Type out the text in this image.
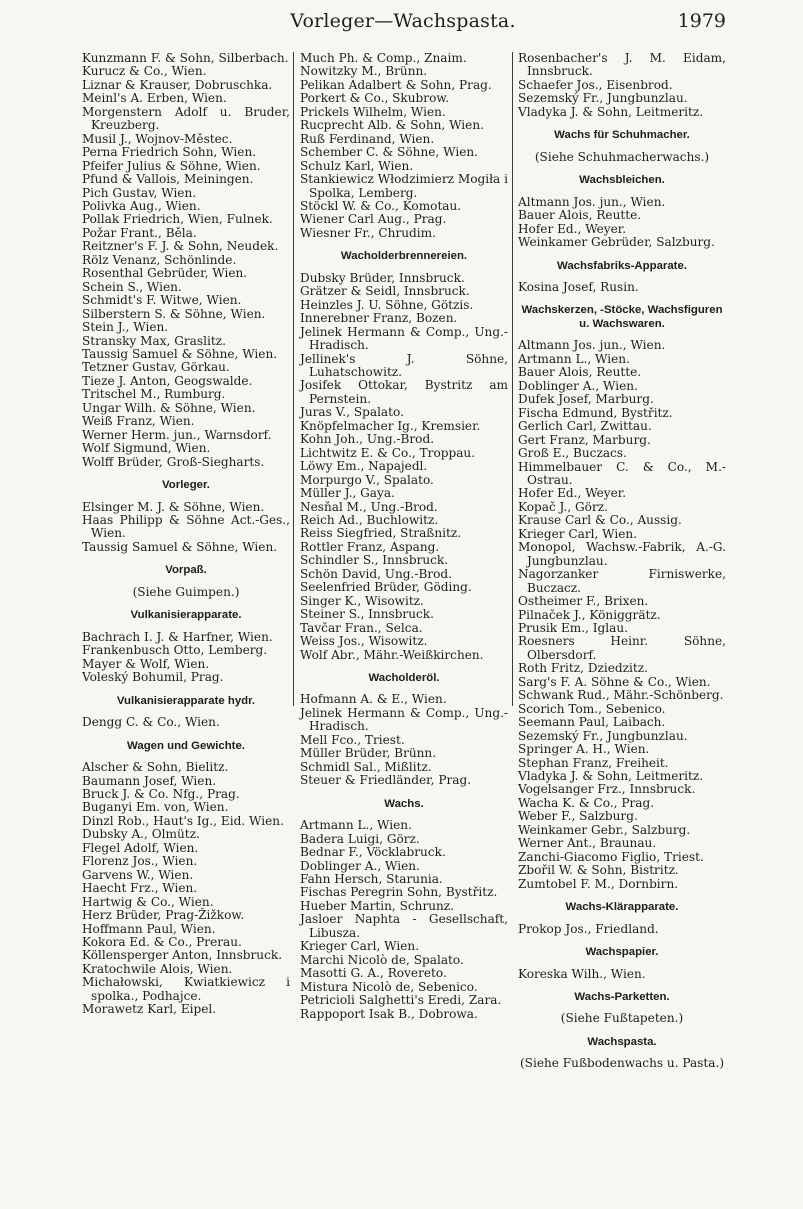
Vorleger—Wachspasta.	1979
Kunzmann F. & Sohn, Silberbach.
Kurucz & Co., Wien.
Liznar & Krauser, Dobruschka.
Meinl's A. Erben, Wien.
Morgenstern Adolf u. Bruder, Kreuzberg.
Musil J., Wojnov-Městec.
Perna Friedrich Sohn, Wien.
Pfeifer Julius & Söhne, Wien.
Pfund & Vallois, Meiningen.
Pich Gustav, Wien.
Polivka Aug., Wien.
Pollak Friedrich, Wien, Fulnek.
Požar Frant., Běla.
Reitzner's F. J. & Sohn, Neudek.
Rölz Venanz, Schönlinde.
Rosenthal Gebrüder, Wien.
Schein S., Wien.
Schmidt's F. Witwe, Wien.
Silberstern S. & Söhne, Wien.
Stein J., Wien.
Stransky Max, Graslitz.
Taussig Samuel & Söhne, Wien.
Tetzner Gustav, Görkau.
Tieze J. Anton, Geogswalde.
Tritschel M., Rumburg.
Ungar Wilh. & Söhne, Wien.
Weiß Franz, Wien.
Werner Herm. jun., Warnsdorf.
Wolf Sigmund, Wien.
Wolff Brüder, Groß-Siegharts.
Vorleger.
Elsinger M. J. & Söhne, Wien.
Haas Philipp & Söhne Act.-Ges., Wien.
Taussig Samuel & Söhne, Wien.
Vorpaß.
(Siehe Guimpen.)
Vulkanisierapparate.
Bachrach I. J. & Harfner, Wien.
Frankenbusch Otto, Lemberg.
Mayer & Wolf, Wien.
Voleský Bohumil, Prag.
Vulkanisierapparate hydr.
Dengg C. & Co., Wien.
Wagen und Gewichte.
Alscher & Sohn, Bielitz.
Baumann Josef, Wien.
Bruck J. & Co. Nfg., Prag.
Buganyi Em. von, Wien.
Dinzl Rob., Haut's Ig., Eid. Wien.
Dubsky A., Olmütz.
Flegel Adolf, Wien.
Florenz Jos., Wien.
Garvens W., Wien.
Haecht Frz., Wien.
Hartwig & Co., Wien.
Herz Brüder, Prag-Žižkow.
Hoffmann Paul, Wien.
Kokora Ed. & Co., Prerau.
Köllensperger Anton, Innsbruck.
Kratochwile Alois, Wien.
Michałowski, Kwiatkiewicz i spolka., Podhajce.
Morawetz Karl, Eipel.
Much Ph. & Comp., Znaim.
Nowitzky M., Brünn.
Pelikan Adalbert & Sohn, Prag.
Porkert & Co., Skubrow.
Prickels Wilhelm, Wien.
Rucprecht Alb. & Sohn, Wien.
Ruß Ferdinand, Wien.
Schember C. & Söhne, Wien.
Schulz Karl, Wien.
Stankiewicz Włodzimierz Mogiła i Spolka, Lemberg.
Stöckl W. & Co., Komotau.
Wiener Carl Aug., Prag.
Wiesner Fr., Chrudim.
Wacholderbrennereien.
Dubsky Brüder, Innsbruck.
Grätzer & Seidl, Innsbruck.
Heinzles J. U. Söhne, Götzis.
Innerebner Franz, Bozen.
Jelinek Hermann & Comp., Ung.-Hradisch.
Jellinek's J. Söhne, Luhatschowitz.
Josifek Ottokar, Bystritz am Pernstein.
Juras V., Spalato.
Knöpfelmacher Ig., Kremsier.
Kohn Joh., Ung.-Brod.
Lichtwitz E. & Co., Troppau.
Löwy Em., Napajedl.
Morpurgo V., Spalato.
Müller J., Gaya.
Nesňal M., Ung.-Brod.
Reich Ad., Buchlowitz.
Reiss Siegfried, Straßnitz.
Rottler Franz, Aspang.
Schindler S., Innsbruck.
Schön David, Ung.-Brod.
Seelenfried Brüder, Göding.
Singer K., Wisowitz.
Steiner S., Innsbruck.
Tavčar Fran., Selca.
Weiss Jos., Wisowitz.
Wolf Abr., Mähr.-Weißkirchen.
Wacholderöl.
Hofmann A. & E., Wien.
Jelinek Hermann & Comp., Ung.-Hradisch.
Mell Fco., Triest.
Müller Brüder, Brünn.
Schmidl Sal., Mißlitz.
Steuer & Friedländer, Prag.
Wachs.
Artmann L., Wien.
Badera Luigi, Görz.
Bednar F., Vöcklabruck.
Doblinger A., Wien.
Fahn Hersch, Starunia.
Fischas Peregrin Sohn, Bystřitz.
Hueber Martin, Schrunz.
Jasloer Naphta - Gesellschaft, Libusza.
Krieger Carl, Wien.
Marchi Nicolò de, Spalato.
Masotti G. A., Rovereto.
Mistura Nicolò de, Sebenico.
Petricioli Salghetti's Eredi, Zara.
Rappoport Isak B., Dobrowa.
Rosenbacher's J. M. Eidam, Innsbruck.
Schaefer Jos., Eisenbrod.
Sezemský Fr., Jungbunzlau.
Vladyka J. & Sohn, Leitmeritz.
Wachs für Schuhmacher.
(Siehe Schuhmacherwachs.)
Wachsbleichen.
Altmann Jos. jun., Wien.
Bauer Alois, Reutte.
Hofer Ed., Weyer.
Weinkamer Gebrüder, Salzburg.
Wachsfabriks-Apparate.
Kosina Josef, Rusin.
Wachskerzen, -Stöcke, Wachsfiguren u. Wachswaren.
Altmann Jos. jun., Wien.
Artmann L., Wien.
Bauer Alois, Reutte.
Doblinger A., Wien.
Dufek Josef, Marburg.
Fischa Edmund, Bystřitz.
Gerlich Carl, Zwittau.
Gert Franz, Marburg.
Groß E., Buczacs.
Himmelbauer C. & Co., M.-Ostrau.
Hofer Ed., Weyer.
Kopač J., Görz.
Krause Carl & Co., Aussig.
Krieger Carl, Wien.
Monopol, Wachsw.-Fabrik, A.-G. Jungbunzlau.
Nagorzanker Firniswerke, Buczacz.
Ostheimer F., Brixen.
Pilnaček J., Königgrätz.
Prusik Em., Iglau.
Roesners Heinr. Söhne, Olbersdorf.
Roth Fritz, Dziedzitz.
Sarg's F. A. Söhne & Co., Wien.
Schwank Rud., Mähr.-Schönberg.
Scorich Tom., Sebenico.
Seemann Paul, Laibach.
Sezemský Fr., Jungbunzlau.
Springer A. H., Wien.
Stephan Franz, Freiheit.
Vladyka J. & Sohn, Leitmeritz.
Vogelsanger Frz., Innsbruck.
Wacha K. & Co., Prag.
Weber F., Salzburg.
Weinkamer Gebr., Salzburg.
Werner Ant., Braunau.
Zanchi-Giacomo Figlio, Triest.
Zbořil W. & Sohn, Bistritz.
Zumtobel F. M., Dornbirn.
Wachs-Klärapparate.
Prokop Jos., Friedland.
Wachspapier.
Koreska Wilh., Wien.
Wachs-Parketten.
(Siehe Fußtapeten.)
Wachspasta.
(Siehe Fußbodenwachs u. Pasta.)
